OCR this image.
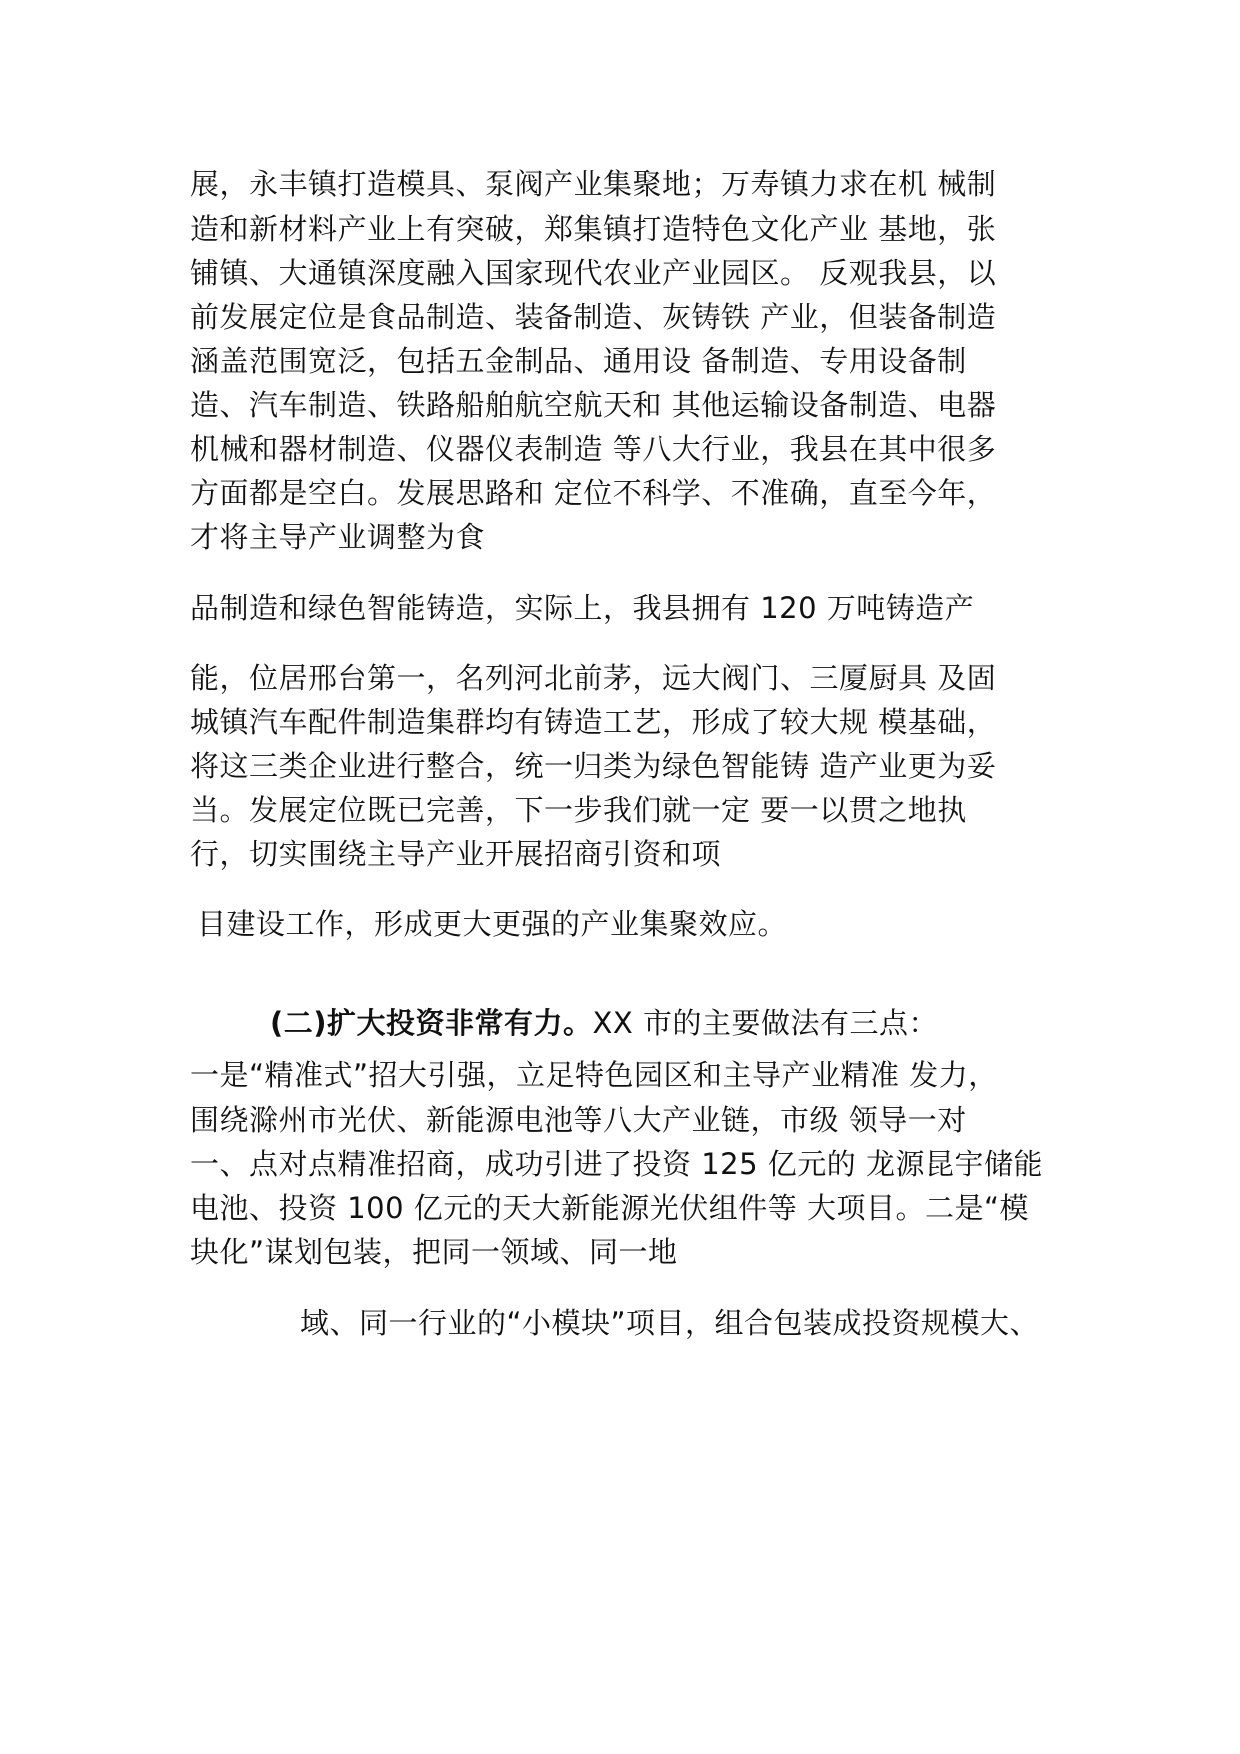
展，永丰镇打造模具、泵阀产业集聚地；万寿镇力求在机 械制
造和新材料产业上有突破，郑集镇打造特色文化产业 基地，张
铺镇、大通镇深度融入国家现代农业产业园区。 反观我县，以
前发展定位是食品制造、装备制造、灰铸铁 产业，但装备制造
涵盖范围宽泛，包括五金制品、通用设 备制造、专用设备制
造、汽车制造、铁路船舶航空航天和 其他运输设备制造、电器
机械和器材制造、仪器仪表制造 等八大行业，我县在其中很多
方面都是空白。发展思路和 定位不科学、不准确，直至今年，
才将主导产业调整为食
品制造和绿色智能铸造，实际上，我县拥有 120 万吨铸造产
能，位居邢台第一，名列河北前茅，远大阀门、三厦厨具 及固
城镇汽车配件制造集群均有铸造工艺，形成了较大规 模基础，
将这三类企业进行整合，统一归类为绿色智能铸 造产业更为妥
当。发展定位既已完善，下一步我们就一定 要一以贯之地执
行，切实围绕主导产业开展招商引资和项
目建设工作，形成更大更强的产业集聚效应。
(二)扩大投资非常有力。XX 市的主要做法有三点：
一是“精准式”招大引强，立足特色园区和主导产业精准 发力，
围绕滁州市光伏、新能源电池等八大产业链，市级 领导一对
一、点对点精准招商，成功引进了投资 125 亿元的 龙源昆宇储能
电池、投资 100 亿元的天大新能源光伏组件等 大项目。二是“模
块化”谋划包装，把同一领域、同一地
域、同一行业的“小模块”项目，组合包装成投资规模大、
